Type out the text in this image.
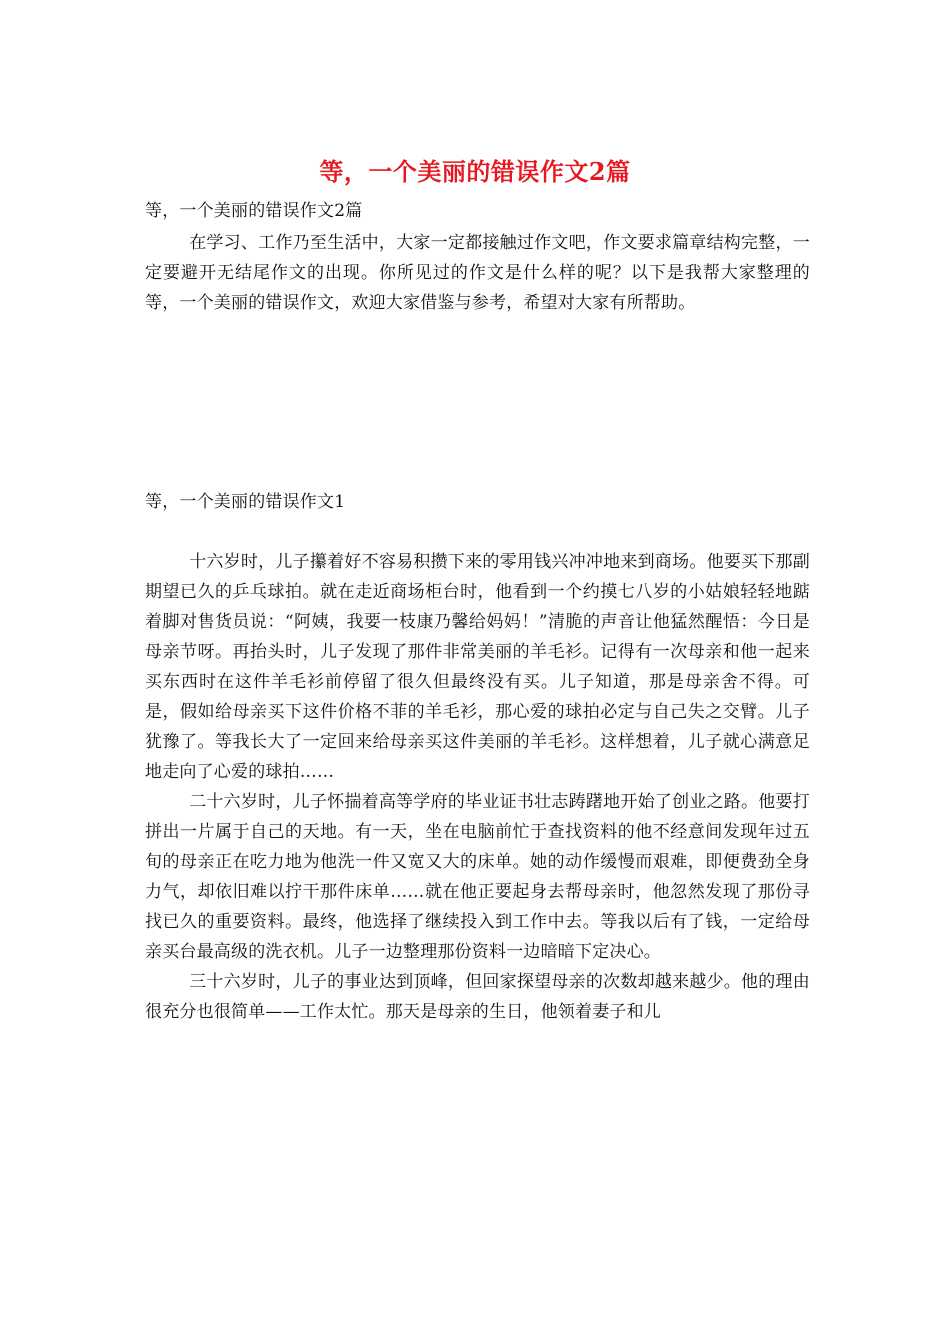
等，一个美丽的错误作文2篇
等，一个美丽的错误作文2篇
在学习、工作乃至生活中，大家一定都接触过作文吧，作文要求篇章结构完整，一定要避开无结尾作文的出现。你所见过的作文是什么样的呢？以下是我帮大家整理的等，一个美丽的错误作文，欢迎大家借鉴与参考，希望对大家有所帮助。
等，一个美丽的错误作文1

十六岁时，儿子攥着好不容易积攒下来的零用钱兴冲冲地来到商场。他要买下那副期望已久的乒乓球拍。就在走近商场柜台时，他看到一个约摸七八岁的小姑娘轻轻地踮着脚对售货员说：“阿姨，我要一枝康乃馨给妈妈！”清脆的声音让他猛然醒悟：今日是母亲节呀。再抬头时，儿子发现了那件非常美丽的羊毛衫。记得有一次母亲和他一起来买东西时在这件羊毛衫前停留了很久但最终没有买。儿子知道，那是母亲舍不得。可是，假如给母亲买下这件价格不菲的羊毛衫，那心爱的球拍必定与自己失之交臂。儿子犹豫了。等我长大了一定回来给母亲买这件美丽的羊毛衫。这样想着，儿子就心满意足地走向了心爱的球拍……

二十六岁时，儿子怀揣着高等学府的毕业证书壮志踌躇地开始了创业之路。他要打拼出一片属于自己的天地。有一天，坐在电脑前忙于查找资料的他不经意间发现年过五旬的母亲正在吃力地为他洗一件又宽又大的床单。她的动作缓慢而艰难，即便费劲全身力气，却依旧难以拧干那件床单……就在他正要起身去帮母亲时，他忽然发现了那份寻找已久的重要资料。最终，他选择了继续投入到工作中去。等我以后有了钱，一定给母亲买台最高级的洗衣机。儿子一边整理那份资料一边暗暗下定决心。

三十六岁时，儿子的事业达到顶峰，但回家探望母亲的次数却越来越少。他的理由很充分也很简单——工作太忙。那天是母亲的生日，他领着妻子和儿
